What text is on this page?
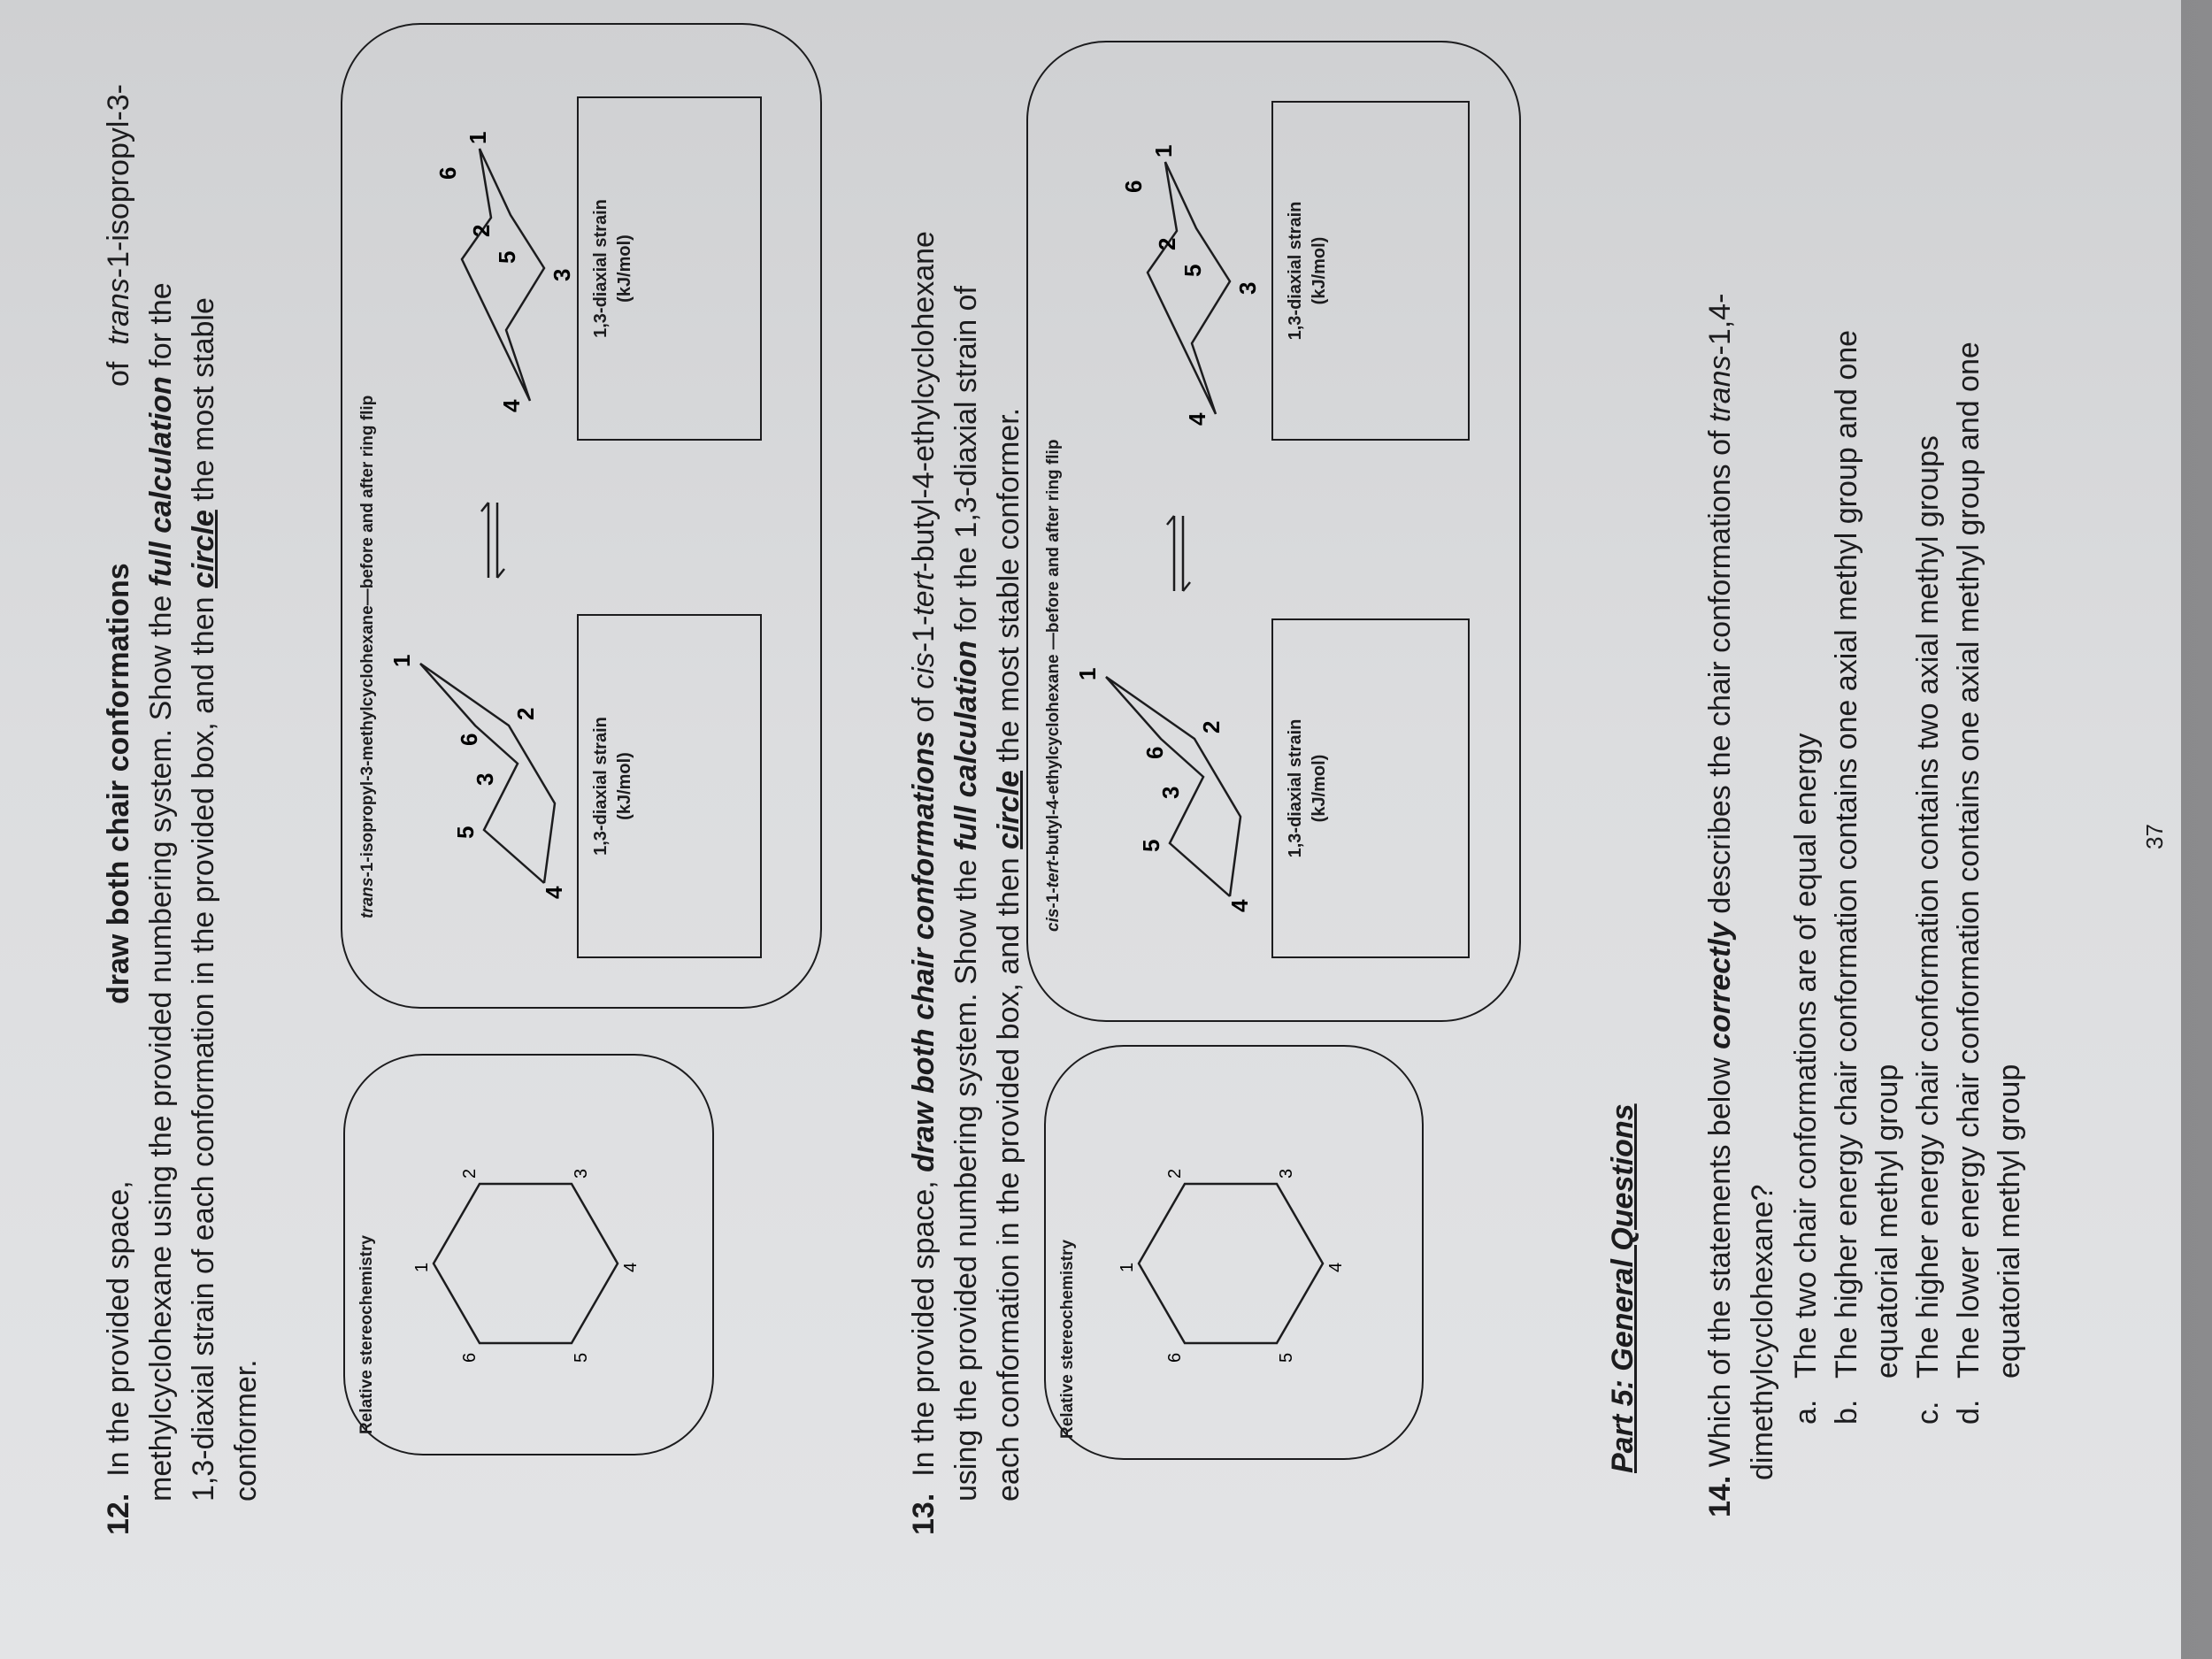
12.  In the provided space,
draw both chair conformations
of  trans-1-isopropyl-3-
methylcyclohexane using the provided numbering system. Show the full calculation for the
1,3-diaxial strain of each conformation in the provided box, and then circle the most stable
conformer.	Relative stereochemistry 1
2	3
4
5
6
trans-1-isopropyl-3-methylcyclohexane—before and after ring flip 1
2
3
4
5
6
1
2
3
4
5
6
1,3-diaxial strain (kJ/mol)
1,3-diaxial strain (kJ/mol)
13.  In the provided space, draw both chair conformations of cis-1-tert-butyl-4-ethylcyclohexane
using the provided numbering system. Show the full calculation for the 1,3-diaxial strain of
each conformation in the provided box, and then circle the most stable conformer.
Relative stereochemistry 1
2	3
4
5
6
cis-1-tert-butyl-4-ethylcyclohexane —before and after ring flip 1
2
3
4
5
6
1
2
3
4
5
6
1,3-diaxial strain (kJ/mol)
1,3-diaxial strain (kJ/mol)
Part 5: General Questions
14. Which of the statements below correctly describes the chair conformations of trans-1,4-
dimethylcyclohexane? a.
The two chair conformations are of equal energy
b.
The higher energy chair conformation contains one axial methyl group and one equatorial methyl group
c.
The higher energy chair conformation contains two axial methyl groups
d.
The lower energy chair conformation contains one axial methyl group and one equatorial methyl group
37
